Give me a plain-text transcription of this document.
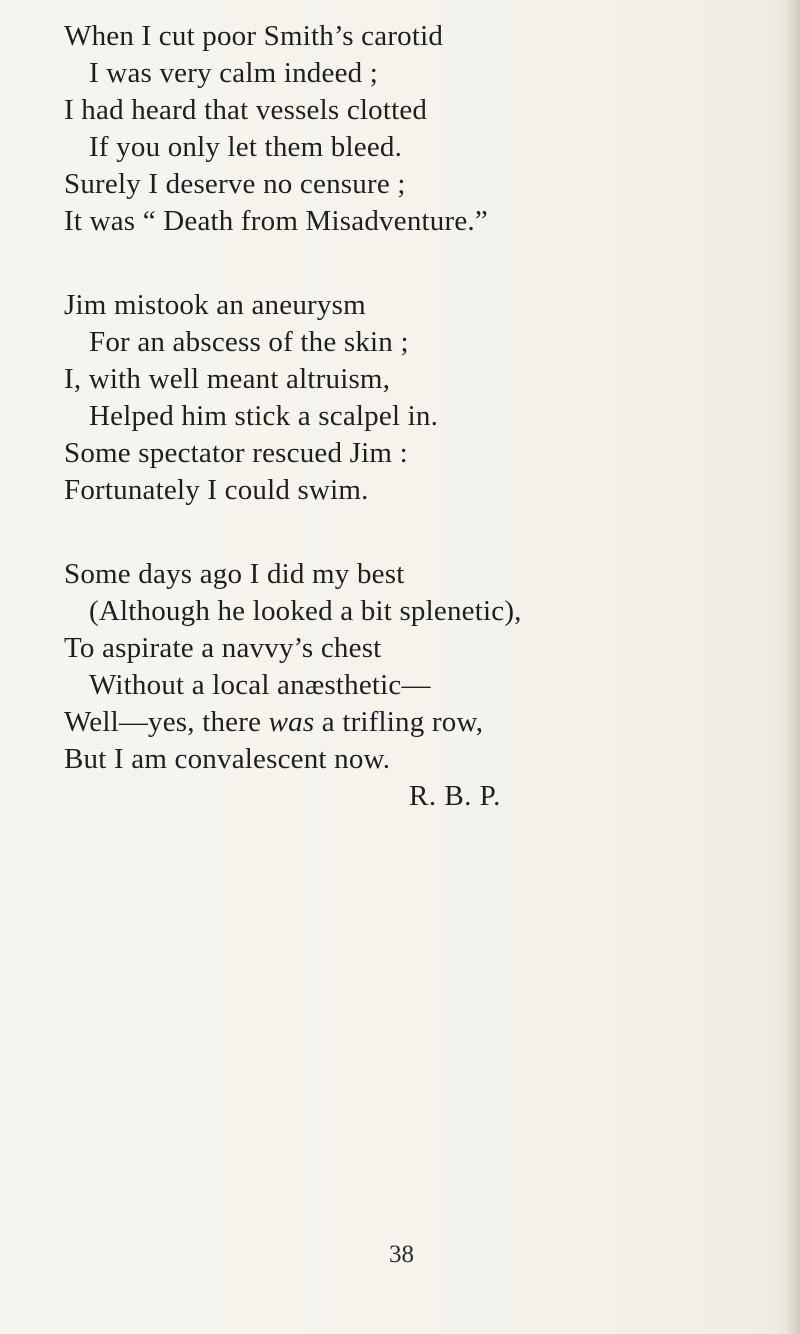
When I cut poor Smith’s carotid
I was very calm indeed ;
I had heard that vessels clotted
If you only let them bleed.
Surely I deserve no censure ;
It was “ Death from Misadventure.”
Jim mistook an aneurysm
For an abscess of the skin ;
I, with well meant altruism,
Helped him stick a scalpel in.
Some spectator rescued Jim :
Fortunately I could swim.
Some days ago I did my best
(Although he looked a bit splenetic),
To aspirate a navvy’s chest
Without a local anæsthetic—
Well—yes, there was a trifling row,
But I am convalescent now.
R. B. P.
38
